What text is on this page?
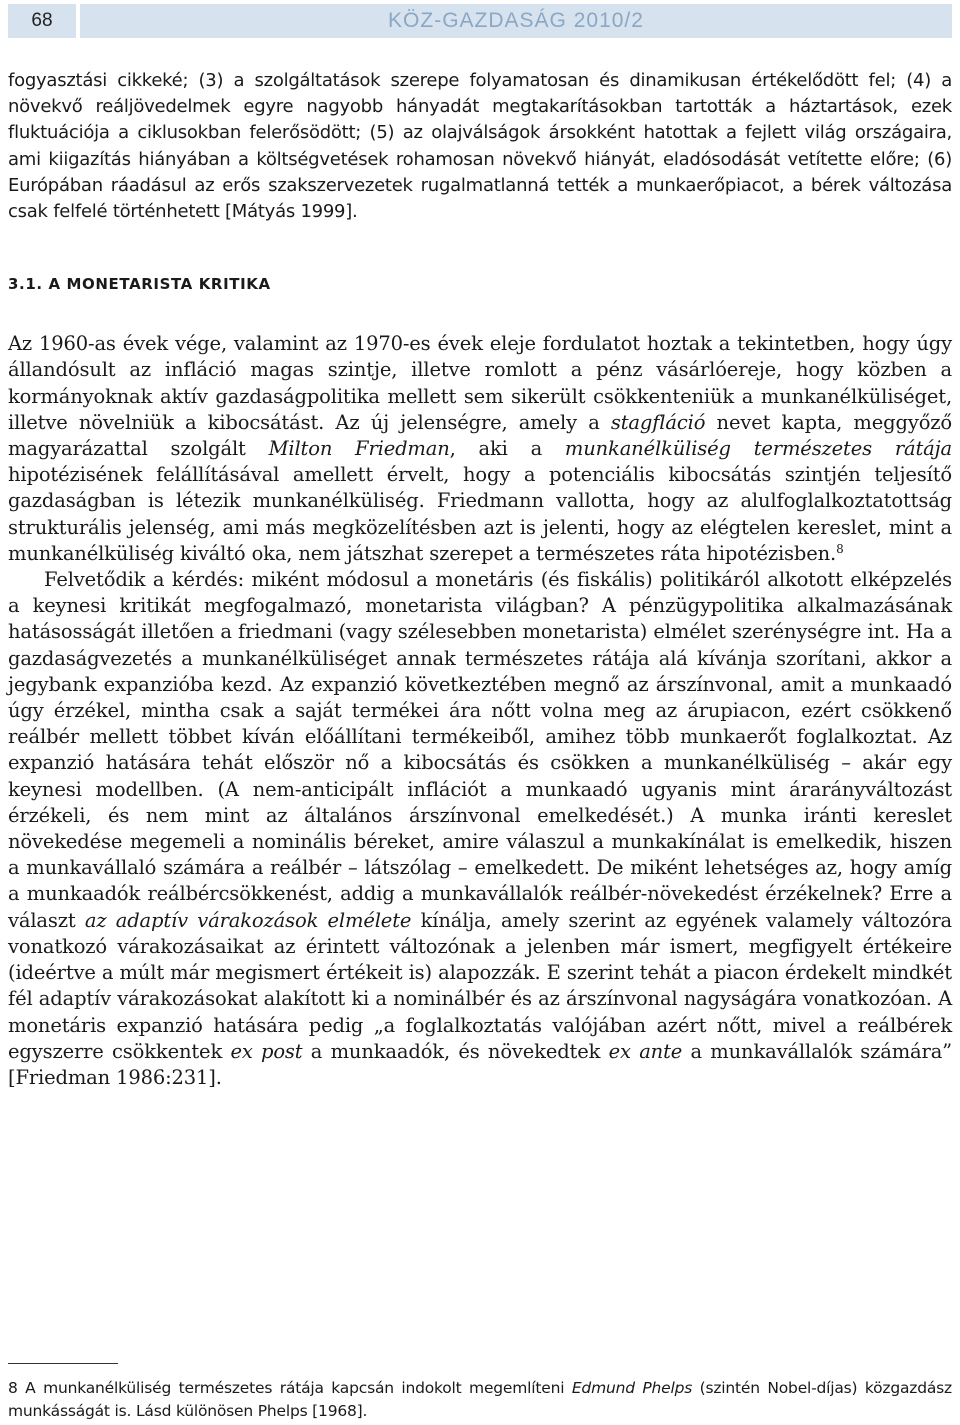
68	KÖZ-GAZDASÁG 2010/2

fogyasztási cikkeké; (3) a szolgáltatások szerepe folyamatosan és dinamikusan értékelődött fel; (4) a növekvő reáljövedelmek egyre nagyobb hányadát megtakarításokban tartották a háztartások, ezek fluktuációja a ciklusokban felerősödött; (5) az olajválságok ársokként hatottak a fejlett világ országaira, ami kiigazítás hiányában a költségvetések rohamosan növekvő hiányát, eladósodását vetítette előre; (6) Európában ráadásul az erős szakszervezetek rugalmatlanná tették a munkaerőpiacot, a bérek változása csak felfelé történhetett [Mátyás 1999].

3.1. A MONETARISTA KRITIKA

Az 1960-as évek vége, valamint az 1970-es évek eleje fordulatot hoztak a tekintetben, hogy úgy állandósult az infláció magas szintje, illetve romlott a pénz vásárlóereje, hogy közben a kormányoknak aktív gazdaságpolitika mellett sem sikerült csökkenteniük a munkanélküliséget, illetve növelniük a kibocsátást. Az új jelenségre, amely a stagfláció nevet kapta, meggyőző magyarázattal szolgált Milton Friedman, aki a munkanélküliség természetes rátája hipotézisének felállításával amellett érvelt, hogy a potenciális kibocsátás szintjén teljesítő gazdaságban is létezik munkanélküliség. Friedmann vallotta, hogy az alulfoglalkoztatottság strukturális jelenség, ami más megközelítésben azt is jelenti, hogy az elégtelen kereslet, mint a munkanélküliség kiváltó oka, nem játszhat szerepet a természetes ráta hipotézisben.$^8$

Felvetődik a kérdés: miként módosul a monetáris (és fiskális) politikáról alkotott elképzelés a keynesi kritikát megfogalmazó, monetarista világban? A pénzügypolitika alkalmazásának hatásosságát illetően a friedmani (vagy szélesebben monetarista) elmélet szerénységre int. Ha a gazdaságvezetés a munkanélküliséget annak természetes rátája alá kívánja szorítani, akkor a jegybank expanzióba kezd. Az expanzió következtében megnő az árszínvonal, amit a munkaadó úgy érzékel, mintha csak a saját termékei ára nőtt volna meg az árupiacon, ezért csökkenő reálbér mellett többet kíván előállítani termékeiből, amihez több munkaerőt foglalkoztat. Az expanzió hatására tehát először nő a kibocsátás és csökken a munkanélküliség – akár egy keynesi modellben. (A nem-anticipált inflációt a munkaadó ugyanis mint árarányváltozást érzékeli, és nem mint az általános árszínvonal emelkedését.) A munka iránti kereslet növekedése megemeli a nominális béreket, amire válaszul a munkakínálat is emelkedik, hiszen a munkavállaló számára a reálbér – látszólag – emelkedett. De miként lehetséges az, hogy amíg a munkaadók reálbércsökkenést, addig a munkavállalók reálbér-növekedést érzékelnek? Erre a választ az adaptív várakozások elmélete kínálja, amely szerint az egyének valamely változóra vonatkozó várakozásaikat az érintett változónak a jelenben már ismert, megfigyelt értékeire (ideértve a múlt már megismert értékeit is) alapozzák. E szerint tehát a piacon érdekelt mindkét fél adaptív várakozásokat alakított ki a nominálbér és az árszínvonal nagyságára vonatkozóan. A monetáris expanzió hatására pedig „a foglalkoztatás valójában azért nőtt, mivel a reálbérek egyszerre csökkentek ex post a munkaadók, és növekedtek ex ante a munkavállalók számára” [Friedman 1986:231].

8 A munkanélküliség természetes rátája kapcsán indokolt megemlíteni Edmund Phelps (szintén Nobel-díjas) közgazdász munkásságát is. Lásd különösen Phelps [1968].
